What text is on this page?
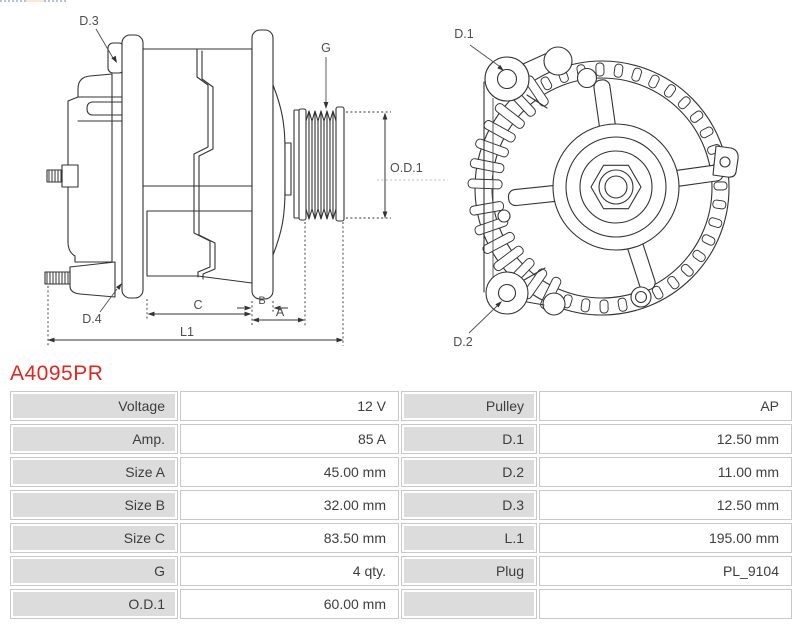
C	B
A
L1
O.D.1
G
D.3
D.4
D.1
D.2
A4095PR
Voltage	12 V	Pulley	AP
Amp.	85 A	D.1	12.50 mm
Size A	45.00 mm	D.2	11.00 mm
Size B	32.00 mm	D.3	12.50 mm
Size C	83.50 mm	L.1	195.00 mm
G	4 qty.	Plug	PL_9104
O.D.1	60.00 mm
